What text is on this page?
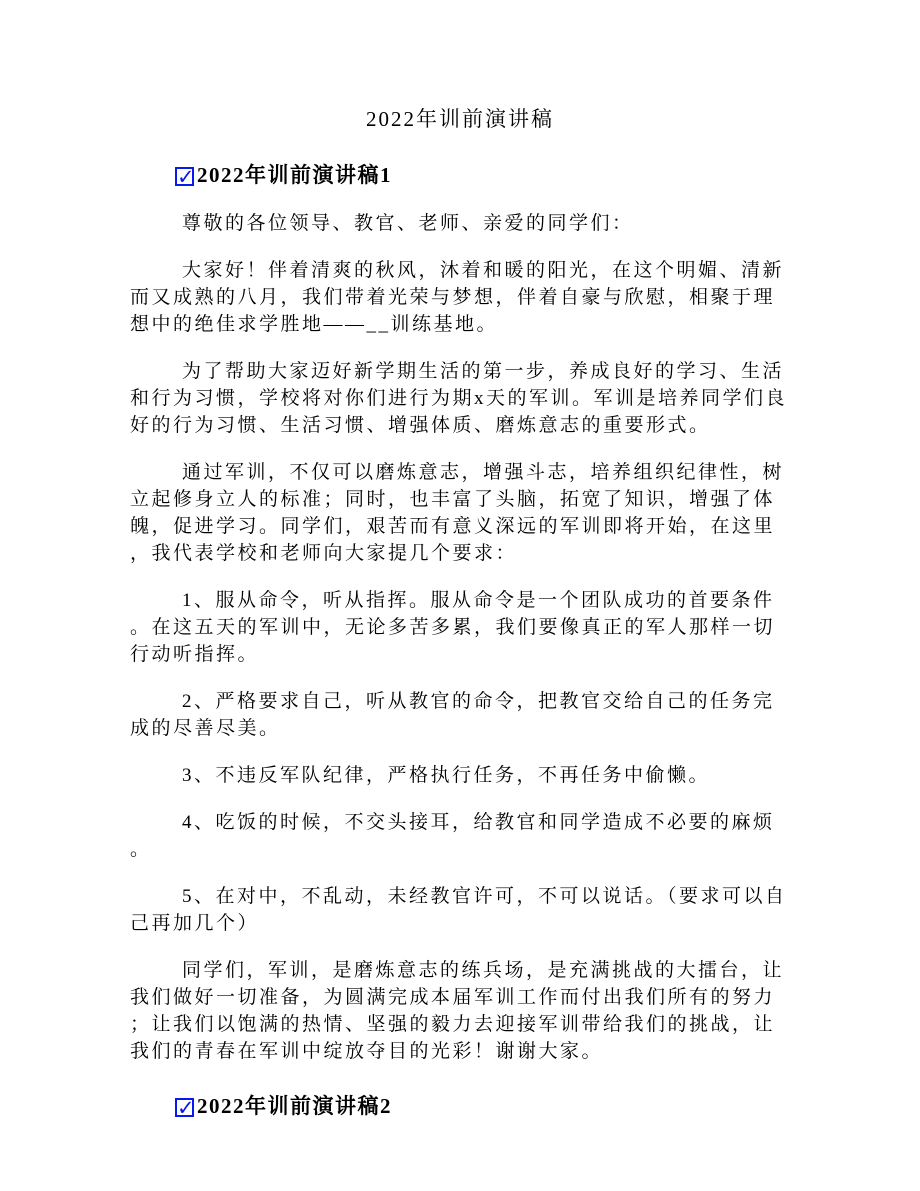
2022年训前演讲稿
✓ 2022年训前演讲稿1

尊敬的各位领导、教官、老师、亲爱的同学们：

大家好！伴着清爽的秋风，沐着和暖的阳光，在这个明媚、清新而又成熟的八月，我们带着光荣与梦想，伴着自豪与欣慰，相聚于理想中的绝佳求学胜地——__训练基地。

为了帮助大家迈好新学期生活的第一步，养成良好的学习、生活和行为习惯，学校将对你们进行为期x天的军训。军训是培养同学们良好的行为习惯、生活习惯、增强体质、磨炼意志的重要形式。

通过军训，不仅可以磨炼意志，增强斗志，培养组织纪律性，树立起修身立人的标准；同时，也丰富了头脑，拓宽了知识，增强了体魄，促进学习。同学们，艰苦而有意义深远的军训即将开始，在这里，我代表学校和老师向大家提几个要求：

1、服从命令，听从指挥。服从命令是一个团队成功的首要条件。在这五天的军训中，无论多苦多累，我们要像真正的军人那样一切行动听指挥。

2、严格要求自己，听从教官的命令，把教官交给自己的任务完成的尽善尽美。

3、不违反军队纪律，严格执行任务，不再任务中偷懒。

4、吃饭的时候，不交头接耳，给教官和同学造成不必要的麻烦。

5、在对中，不乱动，未经教官许可，不可以说话。（要求可以自己再加几个）

同学们，军训，是磨炼意志的练兵场，是充满挑战的大擂台，让我们做好一切准备，为圆满完成本届军训工作而付出我们所有的努力；让我们以饱满的热情、坚强的毅力去迎接军训带给我们的挑战，让我们的青春在军训中绽放夺目的光彩！谢谢大家。

✓ 2022年训前演讲稿2
